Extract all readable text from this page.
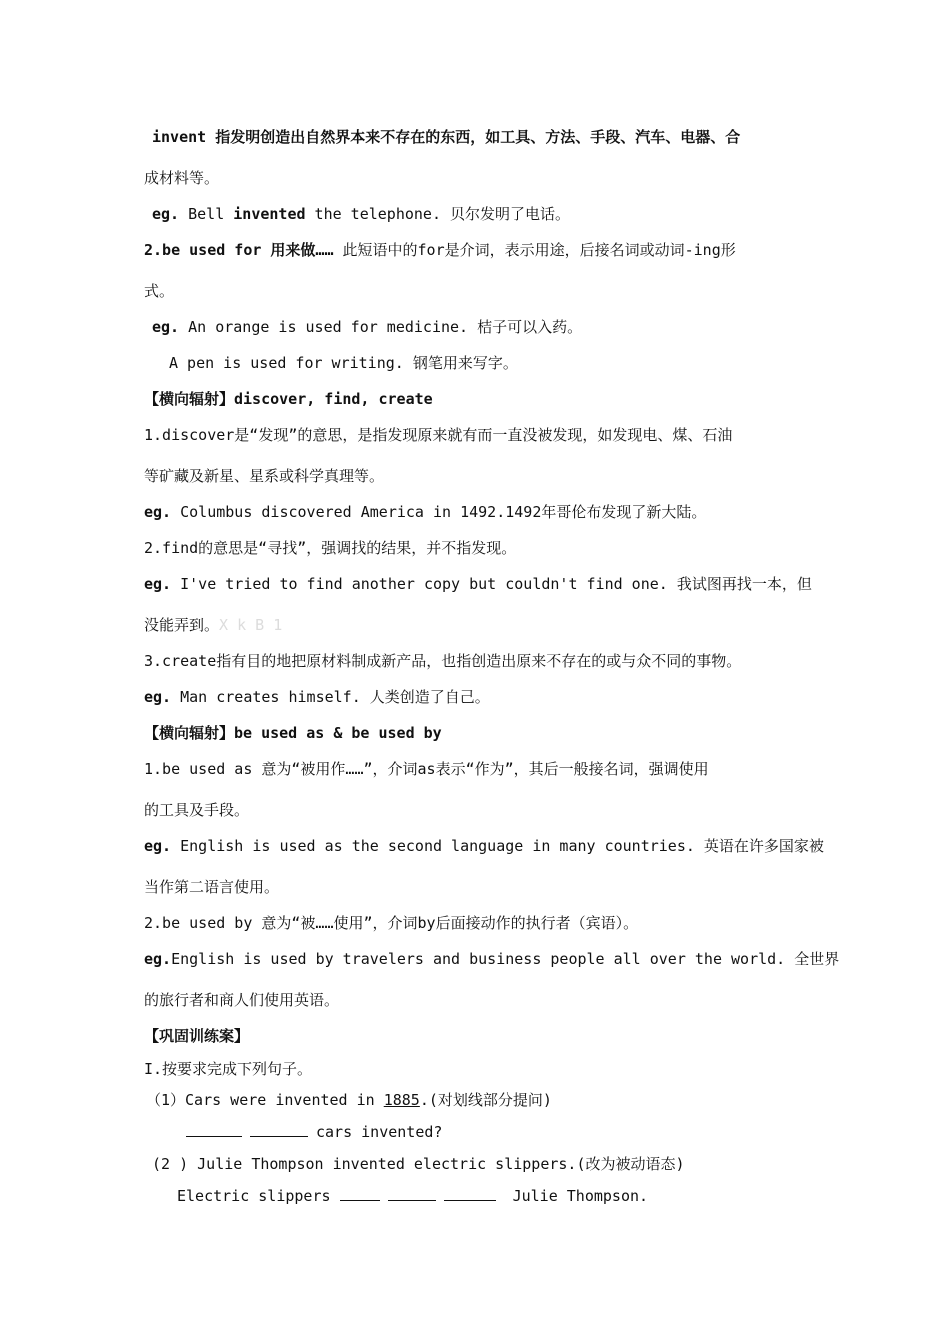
invent 指发明创造出自然界本来不存在的东西，如工具、方法、手段、汽车、电器、合
成材料等。
eg. Bell invented the telephone. 贝尔发明了电话。
2.be used for 用来做…… 此短语中的for是介词，表示用途，后接名词或动词-ing形
式。
eg. An orange is used for medicine. 桔子可以入药。
A pen is used for writing. 钢笔用来写字。
【横向辐射】discover, find, create
1.discover是“发现”的意思，是指发现原来就有而一直没被发现，如发现电、煤、石油
等矿藏及新星、星系或科学真理等。
eg. Columbus discovered America in 1492.1492年哥伦布发现了新大陆。
2.find的意思是“寻找”，强调找的结果，并不指发现。
eg. I've tried to find another copy but couldn't find one. 我试图再找一本，但
没能弄到。X k B 1
3.create指有目的地把原材料制成新产品，也指创造出原来不存在的或与众不同的事物。
eg. Man creates himself. 人类创造了自己。
【横向辐射】be used as & be used by
1.be used as 意为“被用作……”，介词as表示“作为”，其后一般接名词，强调使用
的工具及手段。
eg. English is used as the second language in many countries. 英语在许多国家被
当作第二语言使用。
2.be used by 意为“被……使用”，介词by后面接动作的执行者（宾语）。
eg.English is used by travelers and business people all over the world. 全世界
的旅行者和商人们使用英语。
【巩固训练案】
I.按要求完成下列句子。
（1）Cars were invented in 1885.(对划线部分提问)
cars invented?
(2 ) Julie Thompson invented electric slippers.(改为被动语态)
Electric slippers	Julie Thompson.
